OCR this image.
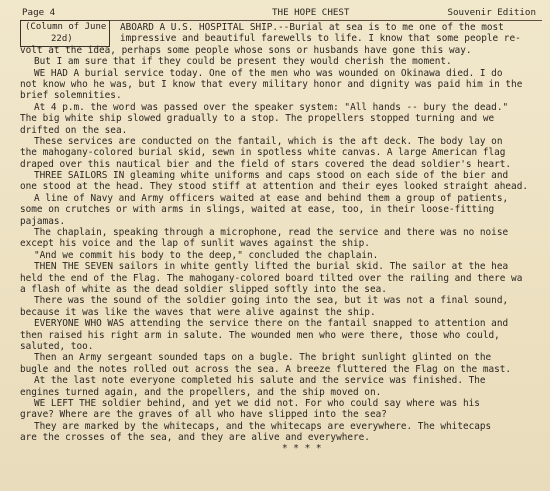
Page 4	THE HOPE CHEST	Souvenir Edition
(Column of June
22d)
ABOARD A U.S. HOSPITAL SHIP.--Burial at sea is to me one of the most
impressive and beautiful farewells to life. I know that some people re-
volt at the idea, perhaps some people whose sons or husbands have gone this way.
But I am sure that if they could be present they would cherish the moment.
WE HAD A burial service today. One of the men who was wounded on Okinawa died. I do
not know who he was, but I know that every military honor and dignity was paid him in the
brief solemnities.
At 4 p.m. the word was passed over the speaker system: "All hands -- bury the dead."
The big white ship slowed gradually to a stop. The propellers stopped turning and we
drifted on the sea.
These services are conducted on the fantail, which is the aft deck. The body lay on
the mahogany-colored burial skid, sewn in spotless white canvas. A large American flag
draped over this nautical bier and the field of stars covered the dead soldier's heart.
THREE SAILORS IN gleaming white uniforms and caps stood on each side of the bier and
one stood at the head. They stood stiff at attention and their eyes looked straight ahead.
A line of Navy and Army officers waited at ease and behind them a group of patients,
some on crutches or with arms in slings, waited at ease, too, in their loose-fitting
pajamas.
The chaplain, speaking through a microphone, read the service and there was no noise
except his voice and the lap of sunlit waves against the ship.
"And we commit his body to the deep," concluded the chaplain.
THEN THE SEVEN sailors in white gently lifted the burial skid. The sailor at the hea
held the end of the Flag. The mahogany-colored board tilted over the railing and there wa
a flash of white as the dead soldier slipped softly into the sea.
There was the sound of the soldier going into the sea, but it was not a final sound,
because it was like the waves that were alive against the ship.
EVERYONE WHO WAS attending the service there on the fantail snapped to attention and
then raised his right arm in salute. The wounded men who were there, those who could,
saluted, too.
Then an Army sergeant sounded taps on a bugle. The bright sunlight glinted on the
bugle and the notes rolled out across the sea. A breeze fluttered the Flag on the mast.
At the last note everyone completed his salute and the service was finished. The
engines turned again, and the propellers, and the ship moved on.
WE LEFT THE soldier behind, and yet we did not. For who could say where was his
grave? Where are the graves of all who have slipped into the sea?
They are marked by the whitecaps, and the whitecaps are everywhere. The whitecaps
are the crosses of the sea, and they are alive and everywhere.
* * * *
